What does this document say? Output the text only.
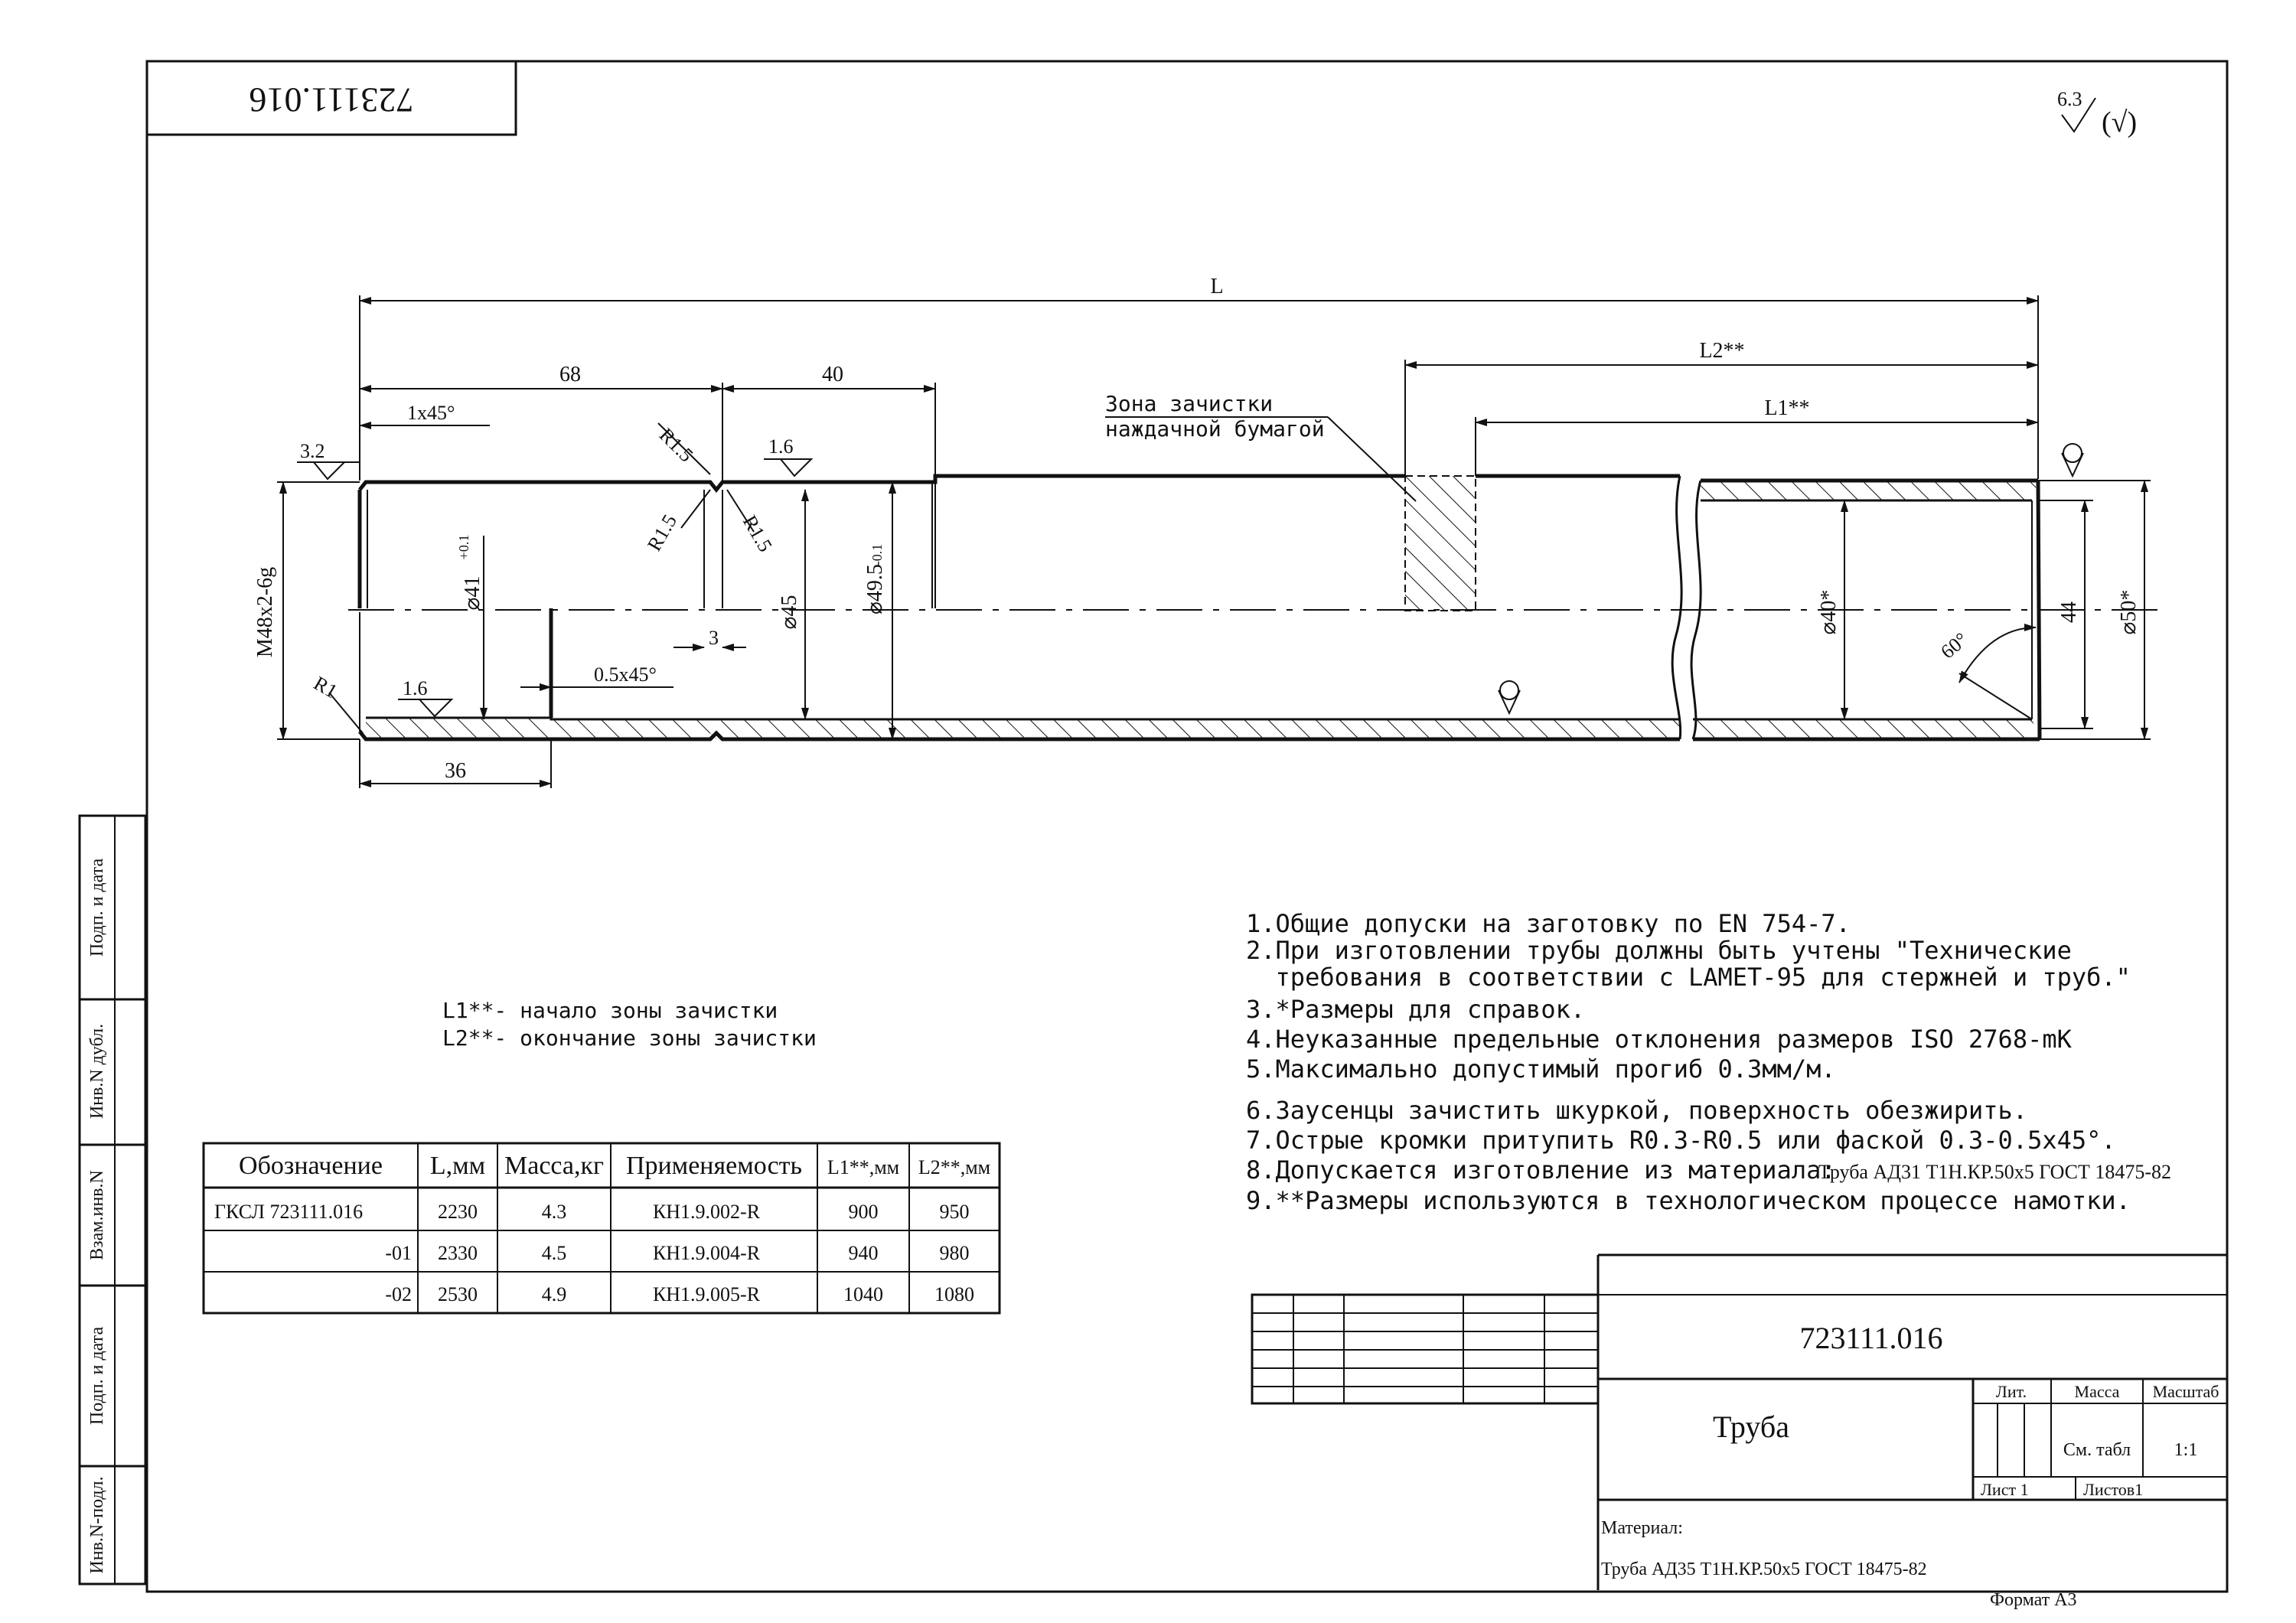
723111.016	6.3
(√)
L
68	40
1x45°
L2**
L1**
Зона зачистки
наждачной бумагой
3.2	1.6
1.6
R1.5
R1.5	R1.5
M48x2-6g	⌀41
+0.1
⌀45	⌀49.5
-0.1
3
R1	0.5x45°
36
⌀40*	44 ⌀50*
60°
L1**- начало зоны зачистки
L2**- окончание зоны зачистки
Обозначение L,мм Масса,кг Применяемость L1**,мм L2**,мм
ГКСЛ 723111.016	2230	4.3	КН1.9.002-R	900	950
-01 2330	4.5	КН1.9.004-R	940	980
-02 2530	4.9	КН1.9.005-R	1040	1080
1.Общие допуски на заготовку по EN 754-7.
2.При изготовлении трубы должны быть учтены "Технические
требования в соответствии с LAMET-95 для стержней и труб."
3.*Размеры для справок.
4.Неуказанные предельные отклонения размеров ISO 2768-mK
5.Максимально допустимый прогиб 0.3мм/м.
6.Заусенцы зачистить шкуркой, поверхность обезжирить.
7.Острые кромки притупить R0.3-R0.5 или фаской 0.3-0.5x45°.
8.Допускается изготовление из материала:
Труба АД31 Т1Н.КР.50х5 ГОСТ 18475-82
9.**Размеры используются в технологическом процессе намотки.
Подп. и дата
Инв.N дубл.
Взам.инв.N
Подп. и дата
Инв.N-подл.
723111.016
Труба
Лит.	Масса Масштаб
См. табл 1:1
Лист 1	Листов1
Материал:
Труба АД35 Т1Н.КР.50х5 ГОСТ 18475-82
Формат А3
